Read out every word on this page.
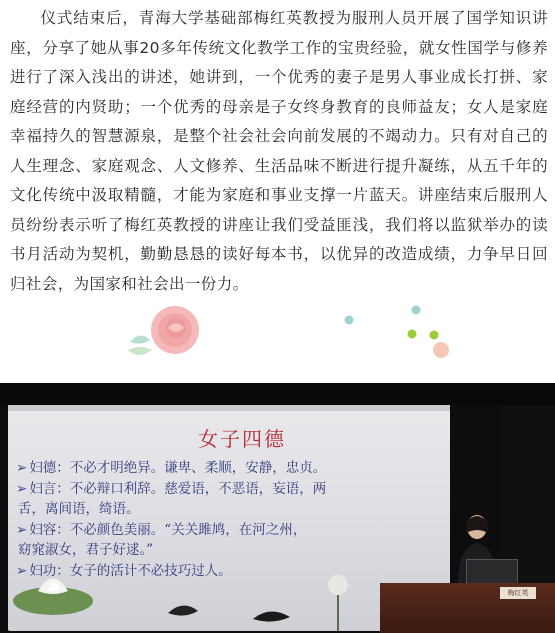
仪式结束后，青海大学基础部梅红英教授为服刑人员开展了国学知识讲座，分享了她从事20多年传统文化教学工作的宝贵经验，就女性国学与修养进行了深入浅出的讲述，她讲到，一个优秀的妻子是男人事业成长打拼、家庭经营的内贤助；一个优秀的母亲是子女终身教育的良师益友；女人是家庭幸福持久的智慧源泉，是整个社会社会向前发展的不竭动力。只有对自己的人生理念、家庭观念、人文修养、生活品味不断进行提升凝练，从五千年的文化传统中汲取精髓，才能为家庭和事业支撑一片蓝天。讲座结束后服刑人员纷纷表示听了梅红英教授的讲座让我们受益匪浅，我们将以监狱举办的读书月活动为契机，勤勤恳恳的读好每本书，以优异的改造成绩，力争早日回归社会，为国家和社会出一份力。

女子四德
➢ 妇德：不必才明绝异。谦卑、柔顺，安静，忠贞。
➢ 妇言：不必辩口利辞。慈爱语，不恶语，妄语，两
舌，离间语，绮语。
➢ 妇容：不必颜色美丽。“关关雎鸠，在河之州，
窈窕淑女，君子好逑。”
➢ 妇功：女子的活计不必技巧过人。
梅红英
